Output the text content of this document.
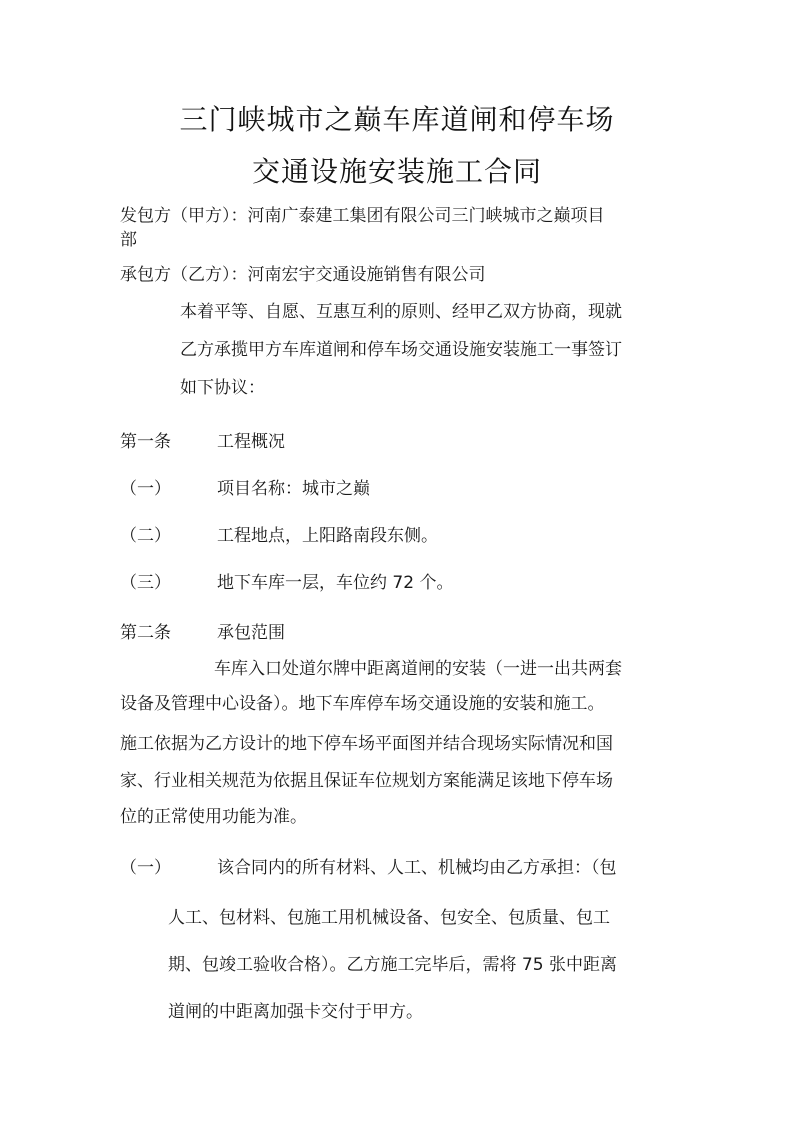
三门峡城市之巅车库道闸和停车场
交通设施安装施工合同
发包方（甲方）：河南广泰建工集团有限公司三门峡城市之巅项目
部
承包方（乙方）：河南宏宇交通设施销售有限公司
本着平等、自愿、互惠互利的原则、经甲乙双方协商，现就
乙方承揽甲方车库道闸和停车场交通设施安装施工一事签订
如下协议：
第一条	工程概况
（一）	项目名称：城市之巅
（二）	工程地点，上阳路南段东侧。
（三）	地下车库一层，车位约 72 个。
第二条	承包范围
车库入口处道尔牌中距离道闸的安装（一进一出共两套
设备及管理中心设备）。地下车库停车场交通设施的安装和施工。
施工依据为乙方设计的地下停车场平面图并结合现场实际情况和国
家、行业相关规范为依据且保证车位规划方案能满足该地下停车场
位的正常使用功能为准。
（一）	该合同内的所有材料、人工、机械均由乙方承担：（包
人工、包材料、包施工用机械设备、包安全、包质量、包工
期、包竣工验收合格）。乙方施工完毕后，需将 75 张中距离
道闸的中距离加强卡交付于甲方。
